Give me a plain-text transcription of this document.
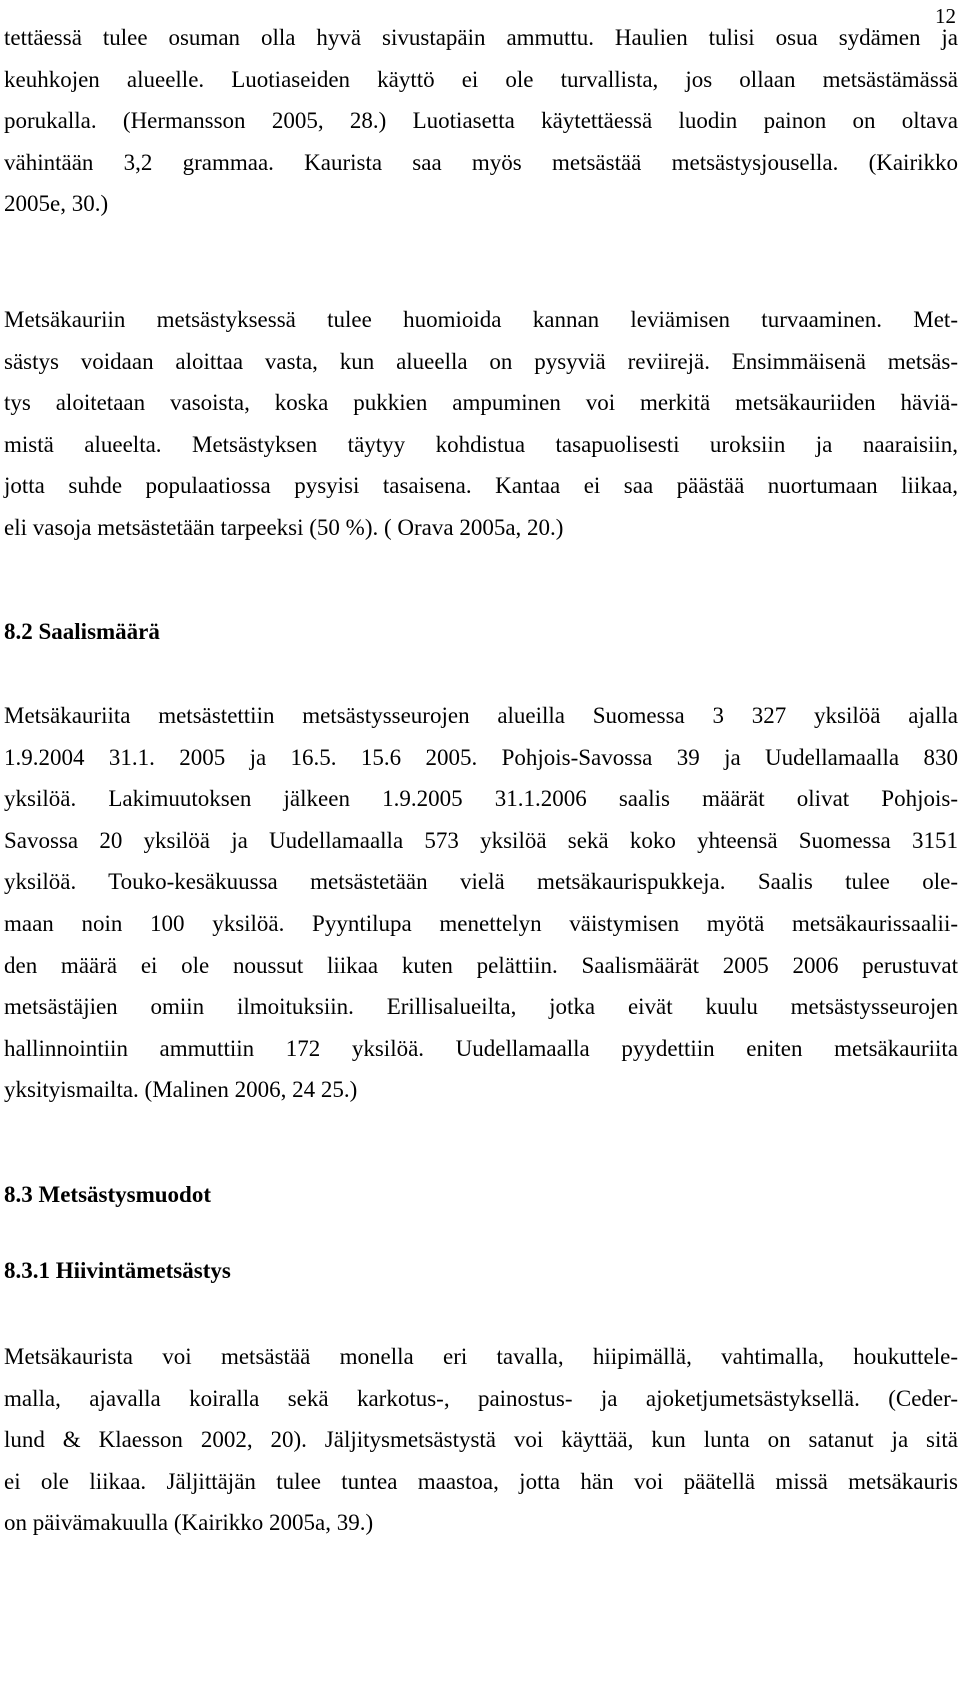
12
tettäessä tulee osuman olla hyvä sivustapäin ammuttu. Haulien tulisi osua sydämen ja
keuhkojen alueelle. Luotiaseiden käyttö ei ole turvallista, jos ollaan metsästämässä
porukalla. (Hermansson 2005, 28.) Luotiasetta käytettäessä luodin painon on oltava
vähintään 3,2 grammaa. Kaurista saa myös metsästää metsästysjousella. (Kairikko
2005e, 30.)
Metsäkauriin metsästyksessä tulee huomioida kannan leviämisen turvaaminen. Met-
sästys voidaan aloittaa vasta, kun alueella on pysyviä reviirejä. Ensimmäisenä metsäs-
tys aloitetaan vasoista, koska pukkien ampuminen voi merkitä metsäkauriiden häviä-
mistä alueelta. Metsästyksen täytyy kohdistua tasapuolisesti uroksiin ja naaraisiin,
jotta suhde populaatiossa pysyisi tasaisena. Kantaa ei saa päästää nuortumaan liikaa,
eli vasoja metsästetään tarpeeksi (50 %). ( Orava 2005a, 20.)
8.2 Saalismäärä
Metsäkauriita metsästettiin metsästysseurojen alueilla Suomessa 3 327 yksilöä ajalla
1.9.2004 31.1. 2005 ja 16.5. 15.6 2005. Pohjois-Savossa 39 ja Uudellamaalla 830
yksilöä. Lakimuutoksen jälkeen 1.9.2005 31.1.2006 saalis määrät olivat Pohjois-
Savossa 20 yksilöä ja Uudellamaalla 573 yksilöä sekä koko yhteensä Suomessa 3151
yksilöä. Touko-kesäkuussa metsästetään vielä metsäkaurispukkeja. Saalis tulee ole-
maan noin 100 yksilöä. Pyyntilupa menettelyn väistymisen myötä metsäkaurissaalii-
den määrä ei ole noussut liikaa kuten pelättiin. Saalismäärät 2005 2006 perustuvat
metsästäjien omiin ilmoituksiin. Erillisalueilta, jotka eivät kuulu metsästysseurojen
hallinnointiin ammuttiin 172 yksilöä. Uudellamaalla pyydettiin eniten metsäkauriita
yksityismailta. (Malinen 2006, 24 25.)
8.3 Metsästysmuodot
8.3.1 Hiivintämetsästys
Metsäkaurista voi metsästää monella eri tavalla, hiipimällä, vahtimalla, houkuttele-
malla, ajavalla koiralla sekä karkotus-, painostus- ja ajoketjumetsästyksellä. (Ceder-
lund & Klaesson 2002, 20). Jäljitysmetsästystä voi käyttää, kun lunta on satanut ja sitä
ei ole liikaa. Jäljittäjän tulee tuntea maastoa, jotta hän voi päätellä missä metsäkauris
on päivämakuulla (Kairikko 2005a, 39.)
